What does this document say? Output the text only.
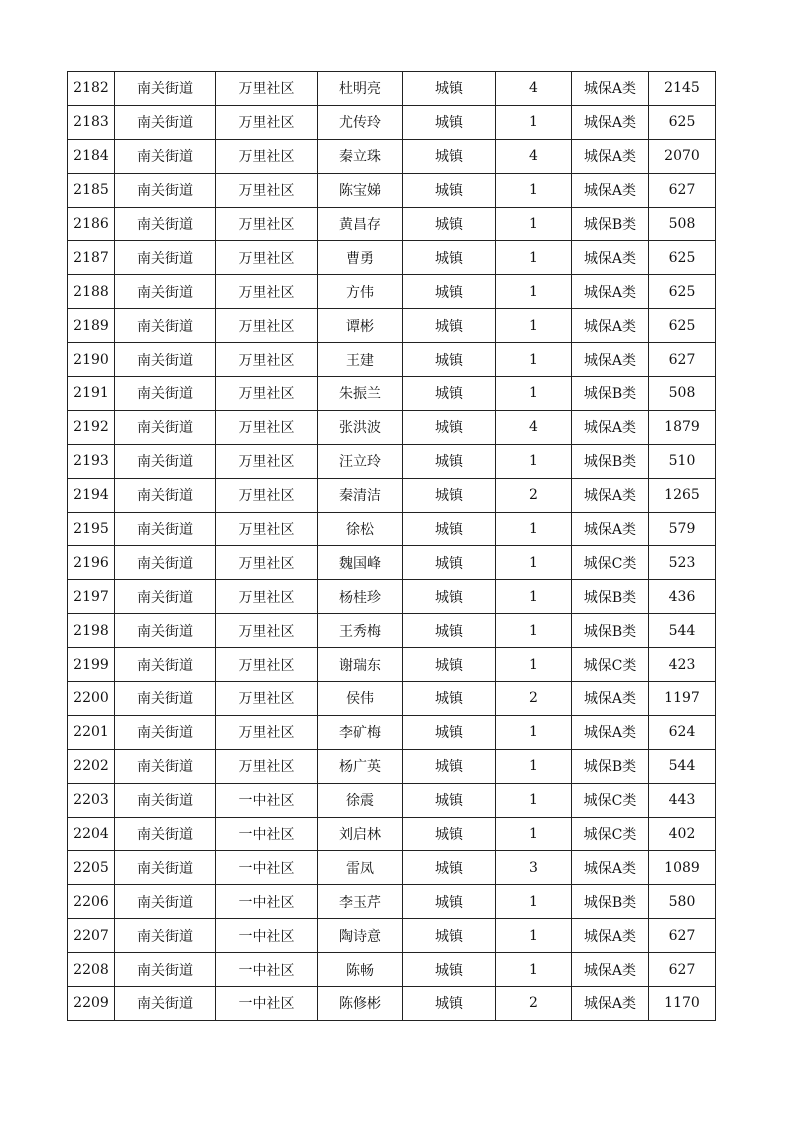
2182	南关街道	万里社区	杜明亮	城镇	4	城保A类	2145
2183	南关街道	万里社区	尤传玲	城镇	1	城保A类	625
2184	南关街道	万里社区	秦立珠	城镇	4	城保A类	2070
2185	南关街道	万里社区	陈宝娣	城镇	1	城保A类	627
2186	南关街道	万里社区	黄昌存	城镇	1	城保B类	508
2187	南关街道	万里社区	曹勇	城镇	1	城保A类	625
2188	南关街道	万里社区	方伟	城镇	1	城保A类	625
2189	南关街道	万里社区	谭彬	城镇	1	城保A类	625
2190	南关街道	万里社区	王建	城镇	1	城保A类	627
2191	南关街道	万里社区	朱振兰	城镇	1	城保B类	508
2192	南关街道	万里社区	张洪波	城镇	4	城保A类	1879
2193	南关街道	万里社区	汪立玲	城镇	1	城保B类	510
2194	南关街道	万里社区	秦清洁	城镇	2	城保A类	1265
2195	南关街道	万里社区	徐松	城镇	1	城保A类	579
2196	南关街道	万里社区	魏国峰	城镇	1	城保C类	523
2197	南关街道	万里社区	杨桂珍	城镇	1	城保B类	436
2198	南关街道	万里社区	王秀梅	城镇	1	城保B类	544
2199	南关街道	万里社区	谢瑞东	城镇	1	城保C类	423
2200	南关街道	万里社区	侯伟	城镇	2	城保A类	1197
2201	南关街道	万里社区	李矿梅	城镇	1	城保A类	624
2202	南关街道	万里社区	杨广英	城镇	1	城保B类	544
2203	南关街道	一中社区	徐震	城镇	1	城保C类	443
2204	南关街道	一中社区	刘启林	城镇	1	城保C类	402
2205	南关街道	一中社区	雷凤	城镇	3	城保A类	1089
2206	南关街道	一中社区	李玉芹	城镇	1	城保B类	580
2207	南关街道	一中社区	陶诗意	城镇	1	城保A类	627
2208	南关街道	一中社区	陈畅	城镇	1	城保A类	627
2209	南关街道	一中社区	陈修彬	城镇	2	城保A类	1170
